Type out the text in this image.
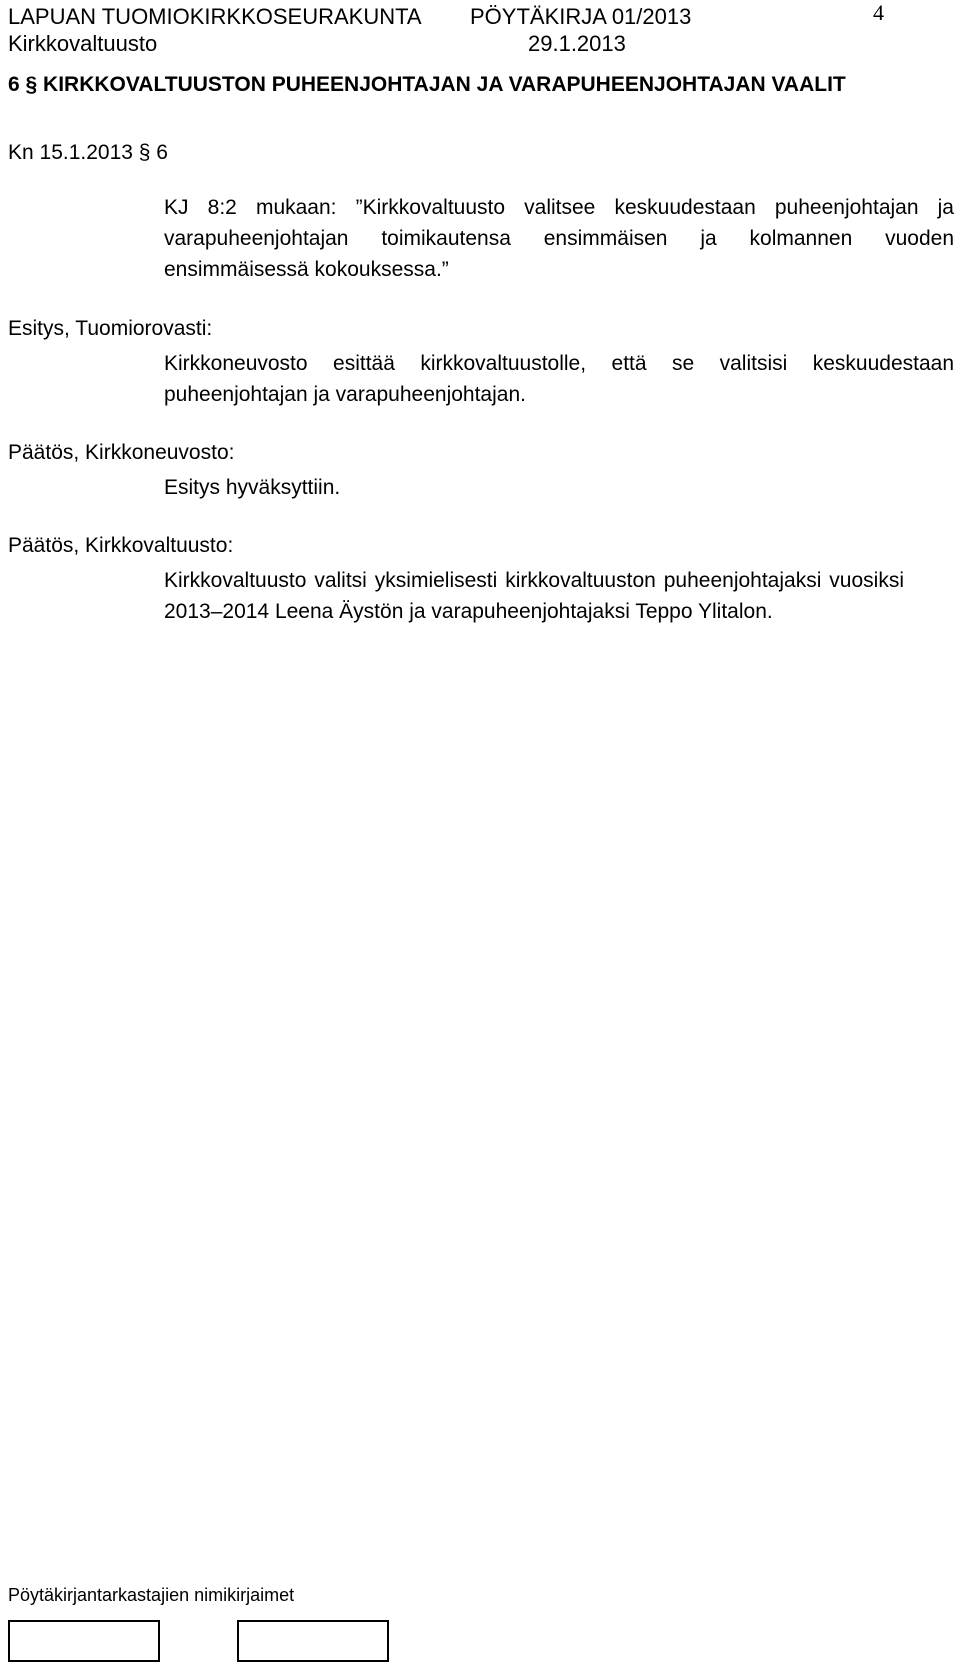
LAPUAN TUOMIOKIRKKOSEURAKUNTA PÖYTÄKIRJA 01/2013	4
Kirkkovaltuusto	29.1.2013
6 § KIRKKOVALTUUSTON PUHEENJOHTAJAN JA VARAPUHEENJOHTAJAN VAALIT
Kn 15.1.2013 § 6
KJ 8:2 mukaan: ”Kirkkovaltuusto valitsee keskuudestaan puheenjohtajan ja varapuheenjohtajan toimikautensa ensimmäisen ja kolmannen vuoden ensimmäisessä kokouksessa.”
Esitys, Tuomiorovasti:
Kirkkoneuvosto esittää kirkkovaltuustolle, että se valitsisi keskuudestaan puheenjohtajan ja varapuheenjohtajan.
Päätös, Kirkkoneuvosto:
Esitys hyväksyttiin.
Päätös, Kirkkovaltuusto:
Kirkkovaltuusto valitsi yksimielisesti kirkkovaltuuston puheenjohtajaksi vuosiksi 2013–2014 Leena Äystön ja varapuheenjohtajaksi Teppo Ylitalon.
Pöytäkirjantarkastajien nimikirjaimet
